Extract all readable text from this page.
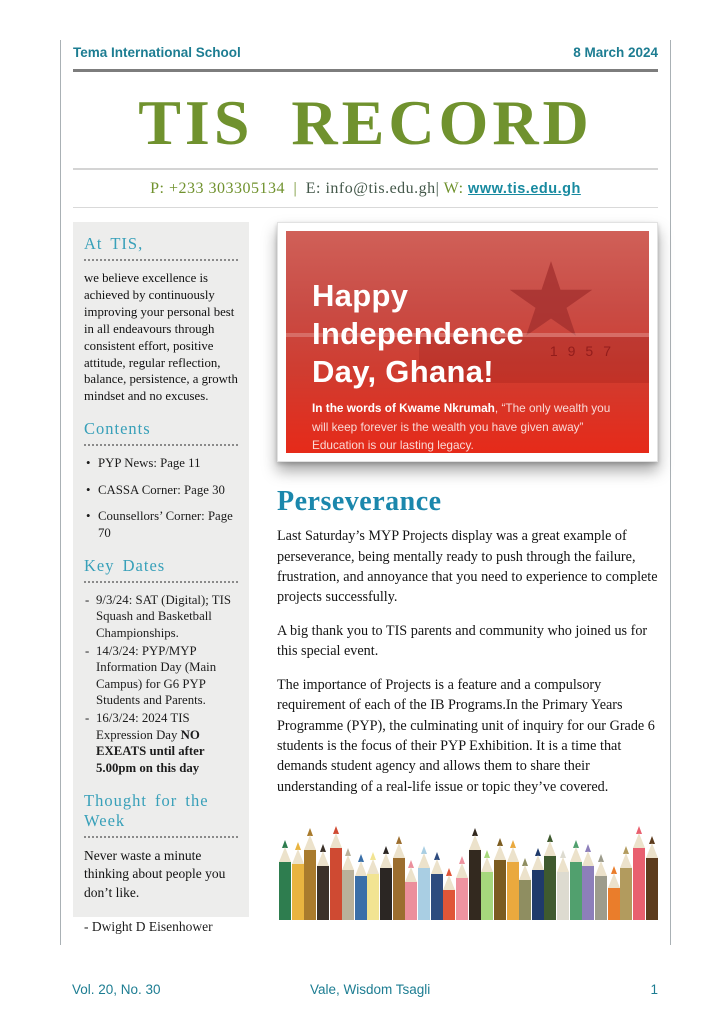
Tema International School	8 March 2024
TIS RECORD
P: +233 303305134 | E: info@tis.edu.gh| W: www.tis.edu.gh
At TIS,
we believe excellence is achieved by continuously improving your personal best in all endeavours through consistent effort, positive attitude, regular reflection, balance, persistence, a growth mindset and no excuses.
Contents
• PYP News: Page 11
• CASSA Corner: Page 30
• Counsellors’ Corner: Page 70
Key Dates
- 9/3/24: SAT (Digital); TIS Squash and Basketball Championships.
- 14/3/24: PYP/MYP Information Day (Main Campus) for G6 PYP Students and Parents.
- 16/3/24: 2024 TIS Expression Day NO EXEATS until after 5.00pm on this day
Thought for the Week
Never waste a minute thinking about people you don’t like.
- Dwight D Eisenhower
1957
Happy
Independence
Day, Ghana!
In the words of Kwame Nkrumah, “The only wealth you will keep forever is the wealth you have given away” Education is our lasting legacy.
Perseverance

Last Saturday’s MYP Projects display was a great example of perseverance, being mentally ready to push through the failure, frustration, and annoyance that you need to experience to complete projects successfully.

A big thank you to TIS parents and community who joined us for this special event.

The importance of Projects is a feature and a compulsory requirement of each of the IB Programs.In the Primary Years Programme (PYP), the culminating unit of inquiry for our Grade 6 students is the focus of their PYP Exhibition. It is a time that demands student agency and allows them to share their understanding of a real-life issue or topic they’ve covered.

Vol. 20, No. 30	Vale, Wisdom Tsagli	1
